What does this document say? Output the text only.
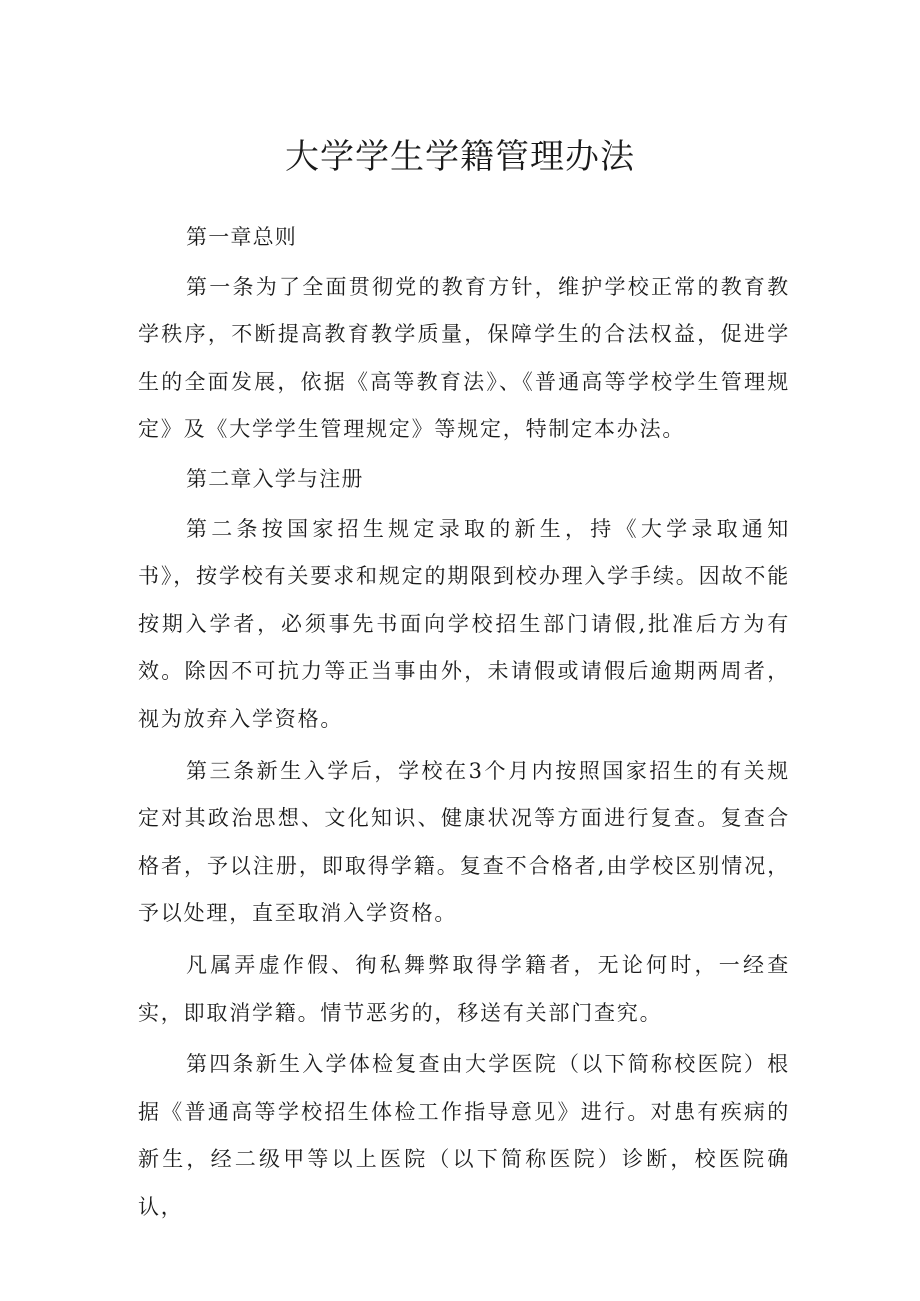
大学学生学籍管理办法

第一章总则

第一条为了全面贯彻党的教育方针，维护学校正常的教育教学秩序，不断提高教育教学质量，保障学生的合法权益，促进学生的全面发展，依据《高等教育法》、《普通高等学校学生管理规定》及《大学学生管理规定》等规定，特制定本办法。

第二章入学与注册

第二条按国家招生规定录取的新生，持《大学录取通知书》，按学校有关要求和规定的期限到校办理入学手续。因故不能按期入学者，必须事先书面向学校招生部门请假,批准后方为有效。除因不可抗力等正当事由外，未请假或请假后逾期两周者，视为放弃入学资格。

第三条新生入学后，学校在3个月内按照国家招生的有关规定对其政治思想、文化知识、健康状况等方面进行复查。复查合格者，予以注册，即取得学籍。复查不合格者,由学校区别情况，予以处理，直至取消入学资格。

凡属弄虚作假、徇私舞弊取得学籍者，无论何时，一经查实，即取消学籍。情节恶劣的，移送有关部门查究。

第四条新生入学体检复查由大学医院（以下简称校医院）根据《普通高等学校招生体检工作指导意见》进行。对患有疾病的新生，经二级甲等以上医院（以下简称医院）诊断，校医院确认，
